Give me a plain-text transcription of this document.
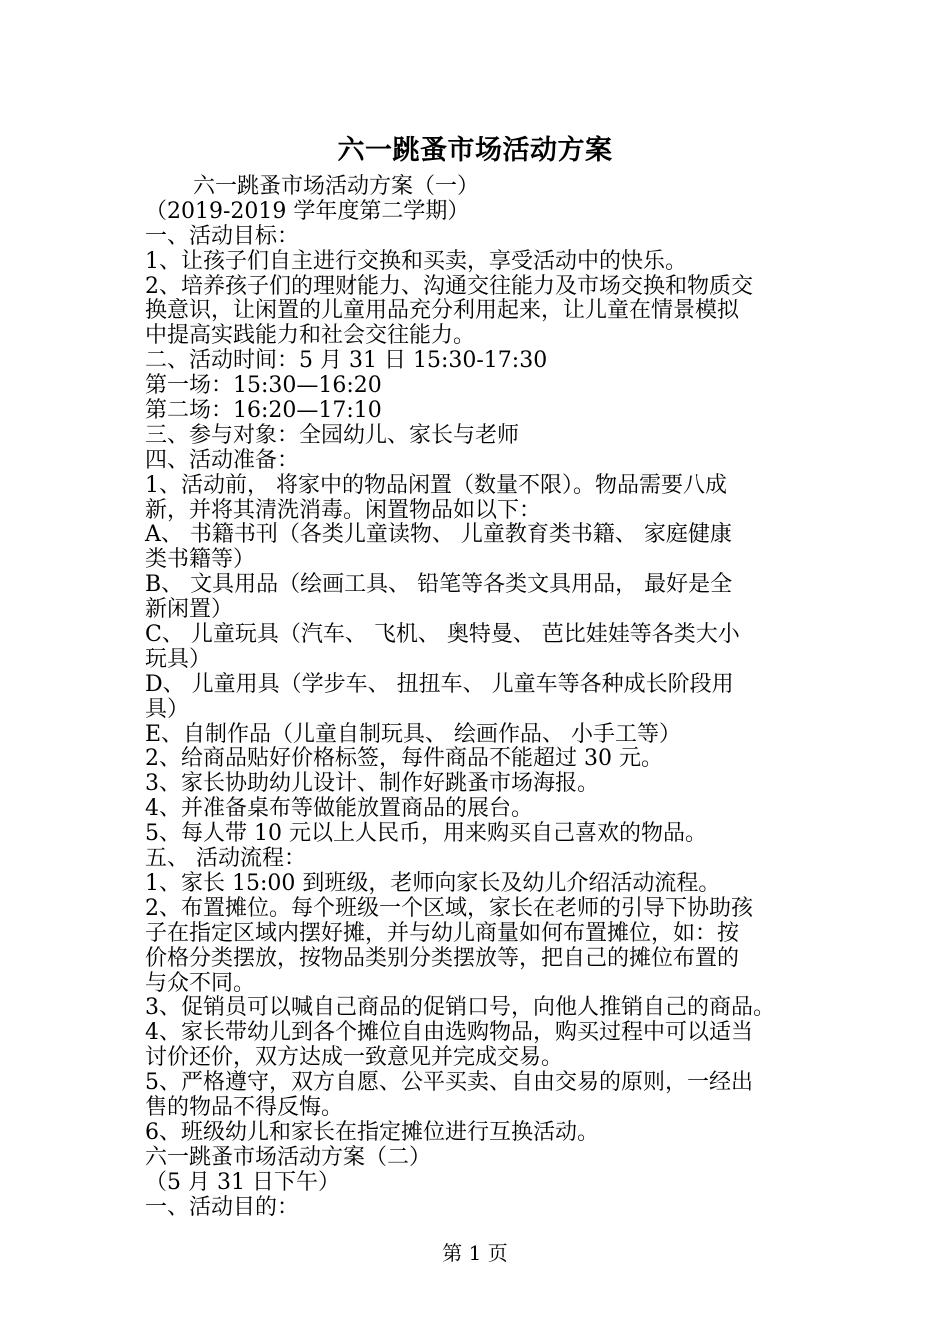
六一跳蚤市场活动方案
六一跳蚤市场活动方案（一）
（2019-2019 学年度第二学期）
一、活动目标：
1、让孩子们自主进行交换和买卖，享受活动中的快乐。
2、培养孩子们的理财能力、沟通交往能力及市场交换和物质交
换意识，让闲置的儿童用品充分利用起来，让儿童在情景模拟
中提高实践能力和社会交往能力。
二、活动时间：5 月 31 日 15:30-17:30
第一场：15:30—16:20
第二场：16:20—17:10
三、参与对象：全园幼儿、家长与老师
四、活动准备：
1、活动前， 将家中的物品闲置（数量不限）。物品需要八成
新，并将其清洗消毒。闲置物品如以下：
A、 书籍书刊（各类儿童读物、 儿童教育类书籍、 家庭健康
类书籍等）
B、 文具用品（绘画工具、 铅笔等各类文具用品， 最好是全
新闲置）
C、 儿童玩具（汽车、 飞机、 奥特曼、 芭比娃娃等各类大小
玩具）
D、 儿童用具（学步车、 扭扭车、 儿童车等各种成长阶段用
具）
E、自制作品（儿童自制玩具、 绘画作品、 小手工等）
2、给商品贴好价格标签，每件商品不能超过 30 元。
3、家长协助幼儿设计、制作好跳蚤市场海报。
4、并准备桌布等做能放置商品的展台。
5、每人带 10 元以上人民币，用来购买自己喜欢的物品。
五、 活动流程：
1、家长 15:00 到班级，老师向家长及幼儿介绍活动流程。
2、布置摊位。每个班级一个区域，家长在老师的引导下协助孩
子在指定区域内摆好摊，并与幼儿商量如何布置摊位，如：按
价格分类摆放，按物品类别分类摆放等，把自己的摊位布置的
与众不同。
3、促销员可以喊自己商品的促销口号，向他人推销自己的商品。
4、家长带幼儿到各个摊位自由选购物品，购买过程中可以适当
讨价还价，双方达成一致意见并完成交易。
5、严格遵守，双方自愿、公平买卖、自由交易的原则，一经出
售的物品不得反悔。
6、班级幼儿和家长在指定摊位进行互换活动。
六一跳蚤市场活动方案（二）
（5 月 31 日下午）
一、活动目的：
第 1 页
